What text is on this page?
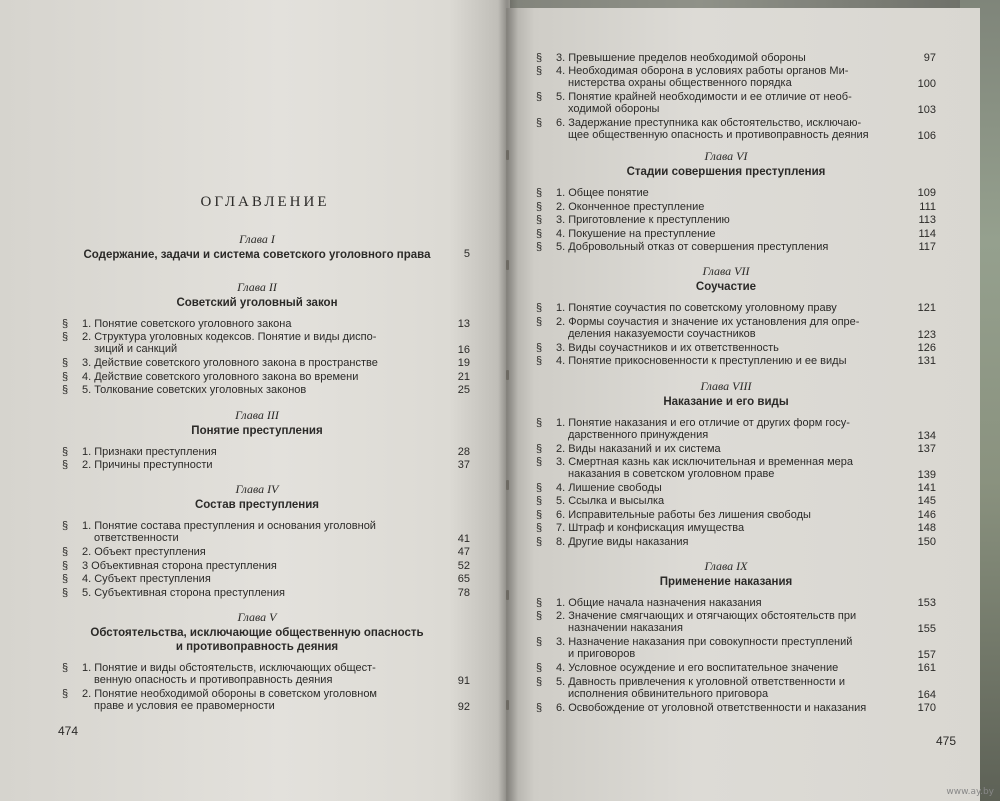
ОГЛАВЛЕНИЕ
474
Глава I
Содержание, задачи и система советского уголовного права	5
Глава II
Советский уголовный закон
§ 1. Понятие советского уголовного закона	13
§ 2. Структура уголовных кодексов. Понятие и виды диспо-
зиций и санкций	16
§ 3. Действие советского уголовного закона в пространстве	19
§ 4. Действие советского уголовного закона во времени	21
§ 5. Толкование советских уголовных законов	25
Глава III
Понятие преступления
§ 1. Признаки преступления	28
§ 2. Причины преступности	37
Глава IV
Состав преступления
§ 1. Понятие состава преступления и основания уголовной
ответственности	41
§ 2. Объект преступления	47
§ 3 Объективная сторона преступления	52
§ 4. Субъект преступления	65
§ 5. Субъективная сторона преступления	78
Глава V
Обстоятельства, исключающие общественную опасность
и противоправность деяния
§ 1. Понятие и виды обстоятельств, исключающих общест-
венную опасность и противоправность деяния	91
§ 2. Понятие необходимой обороны в советском уголовном
праве и условия ее правомерности	92
475
§ 3. Превышение пределов необходимой обороны	97
§ 4. Необходимая оборона в условиях работы органов Ми-
нистерства охраны общественного порядка	100
§ 5. Понятие крайней необходимости и ее отличие от необ-
ходимой обороны	103
§ 6. Задержание преступника как обстоятельство, исключаю-
щее общественную опасность и противоправность деяния	106
Глава VI
Стадии совершения преступления
§ 1. Общее понятие	109
§ 2. Оконченное преступление	111
§ 3. Приготовление к преступлению	113
§ 4. Покушение на преступление	114
§ 5. Добровольный отказ от совершения преступления	117
Глава VII
Соучастие
§ 1. Понятие соучастия по советскому уголовному праву	121
§ 2. Формы соучастия и значение их установления для опре-
деления наказуемости соучастников	123
§ 3. Виды соучастников и их ответственность	126
§ 4. Понятие прикосновенности к преступлению и ее виды	131
Глава VIII
Наказание и его виды
§ 1. Понятие наказания и его отличие от других форм госу-
дарственного принуждения	134
§ 2. Виды наказаний и их система	137
§ 3. Смертная казнь как исключительная и временная мера
наказания в советском уголовном праве	139
§ 4. Лишение свободы	141
§ 5. Ссылка и высылка	145
§ 6. Исправительные работы без лишения свободы	146
§ 7. Штраф и конфискация имущества	148
§ 8. Другие виды наказания	150
Глава IX
Применение наказания
§ 1. Общие начала назначения наказания	153
§ 2. Значение смягчающих и отягчающих обстоятельств при
назначении наказания	155
§ 3. Назначение наказания при совокупности преступлений
и приговоров	157
§ 4. Условное осуждение и его воспитательное значение	161
§ 5. Давность привлечения к уголовной ответственности и
исполнения обвинительного приговора	164
§ 6. Освобождение от уголовной ответственности и наказания	170
www.ay.by
